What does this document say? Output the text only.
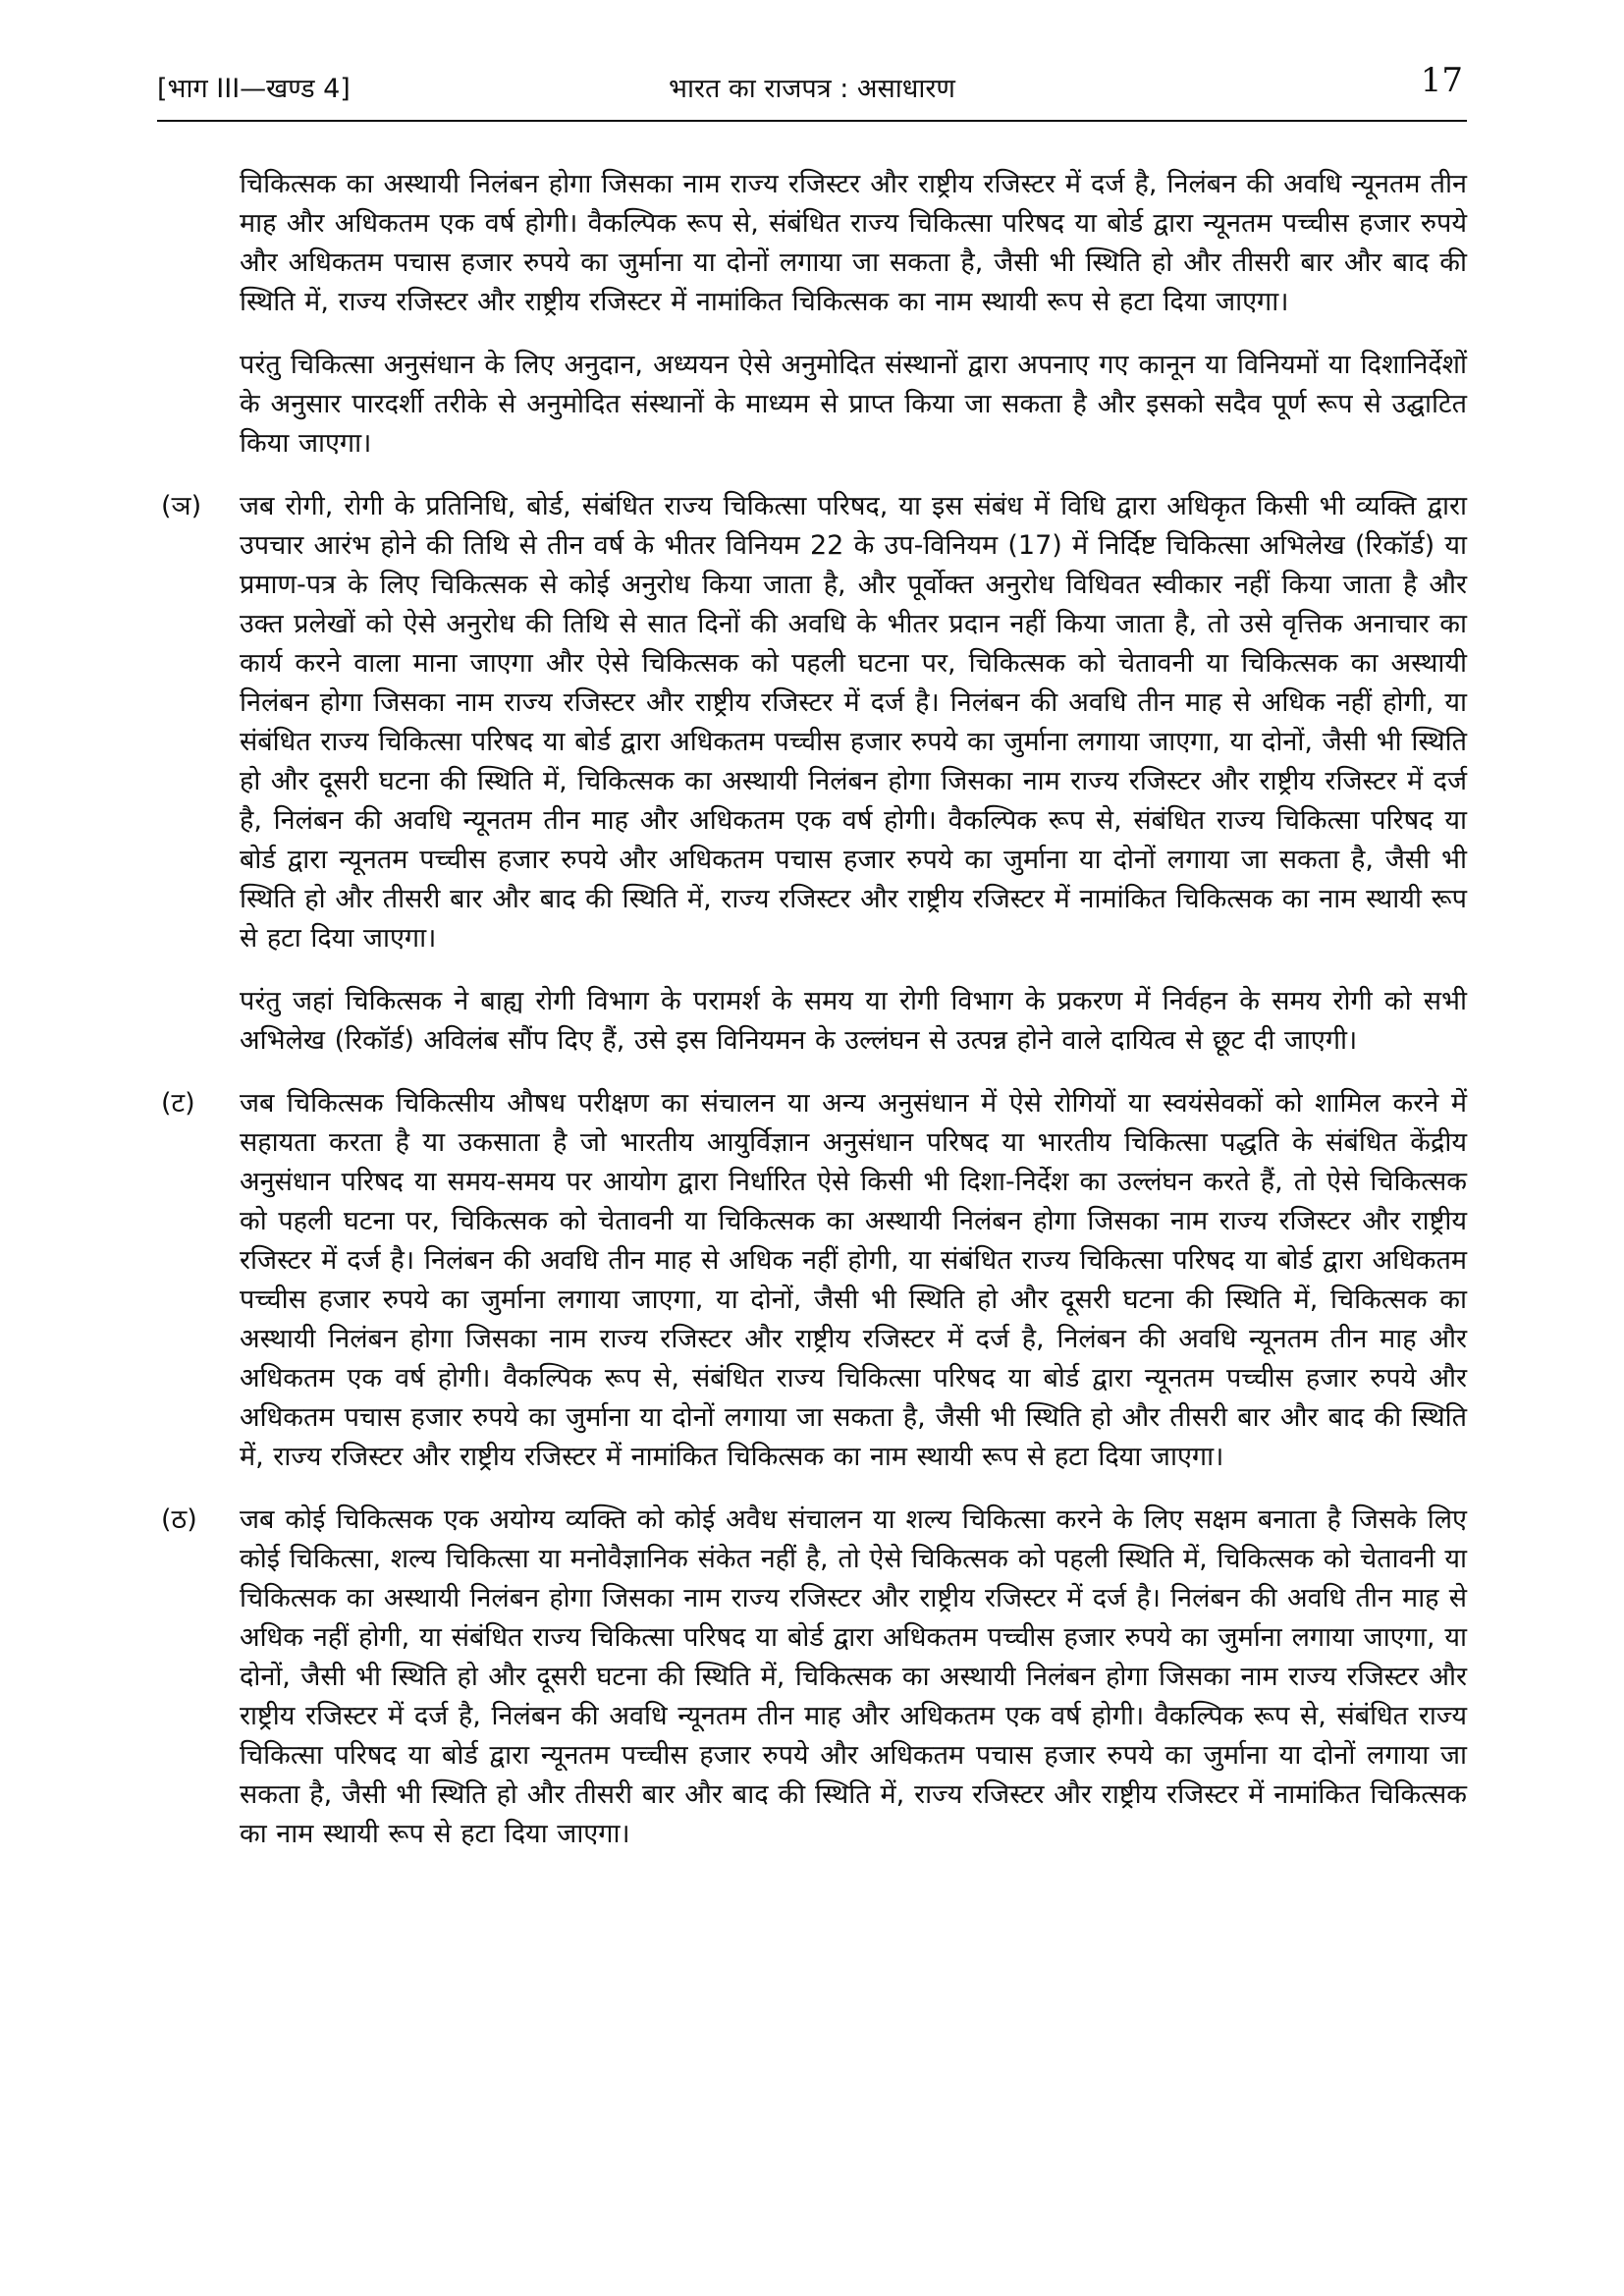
[भाग III—खण्ड 4]	भारत का राजपत्र : असाधारण	17

चिकित्सक का अस्थायी निलंबन होगा जिसका नाम राज्य रजिस्टर और राष्ट्रीय रजिस्टर में दर्ज है, निलंबन की अवधि न्यूनतम तीन माह और अधिकतम एक वर्ष होगी। वैकल्पिक रूप से, संबंधित राज्य चिकित्सा परिषद या बोर्ड द्वारा न्यूनतम पच्चीस हजार रुपये और अधिकतम पचास हजार रुपये का जुर्माना या दोनों लगाया जा सकता है, जैसी भी स्थिति हो और तीसरी बार और बाद की स्थिति में, राज्य रजिस्टर और राष्ट्रीय रजिस्टर में नामांकित चिकित्सक का नाम स्थायी रूप से हटा दिया जाएगा।

परंतु चिकित्सा अनुसंधान के लिए अनुदान, अध्ययन ऐसे अनुमोदित संस्थानों द्वारा अपनाए गए कानून या विनियमों या दिशानिर्देशों के अनुसार पारदर्शी तरीके से अनुमोदित संस्थानों के माध्यम से प्राप्त किया जा सकता है और इसको सदैव पूर्ण रूप से उद्घाटित किया जाएगा।

(ञ)	जब रोगी, रोगी के प्रतिनिधि, बोर्ड, संबंधित राज्य चिकित्सा परिषद, या इस संबंध में विधि द्वारा अधिकृत किसी भी व्यक्ति द्वारा उपचार आरंभ होने की तिथि से तीन वर्ष के भीतर विनियम 22 के उप-विनियम (17) में निर्दिष्ट चिकित्सा अभिलेख (रिकॉर्ड) या प्रमाण-पत्र के लिए चिकित्सक से कोई अनुरोध किया जाता है, और पूर्वोक्त अनुरोध विधिवत स्वीकार नहीं किया जाता है और उक्त प्रलेखों को ऐसे अनुरोध की तिथि से सात दिनों की अवधि के भीतर प्रदान नहीं किया जाता है, तो उसे वृत्तिक अनाचार का कार्य करने वाला माना जाएगा और ऐसे चिकित्सक को पहली घटना पर, चिकित्सक को चेतावनी या चिकित्सक का अस्थायी निलंबन होगा जिसका नाम राज्य रजिस्टर और राष्ट्रीय रजिस्टर में दर्ज है। निलंबन की अवधि तीन माह से अधिक नहीं होगी, या संबंधित राज्य चिकित्सा परिषद या बोर्ड द्वारा अधिकतम पच्चीस हजार रुपये का जुर्माना लगाया जाएगा, या दोनों, जैसी भी स्थिति हो और दूसरी घटना की स्थिति में, चिकित्सक का अस्थायी निलंबन होगा जिसका नाम राज्य रजिस्टर और राष्ट्रीय रजिस्टर में दर्ज है, निलंबन की अवधि न्यूनतम तीन माह और अधिकतम एक वर्ष होगी। वैकल्पिक रूप से, संबंधित राज्य चिकित्सा परिषद या बोर्ड द्वारा न्यूनतम पच्चीस हजार रुपये और अधिकतम पचास हजार रुपये का जुर्माना या दोनों लगाया जा सकता है, जैसी भी स्थिति हो और तीसरी बार और बाद की स्थिति में, राज्य रजिस्टर और राष्ट्रीय रजिस्टर में नामांकित चिकित्सक का नाम स्थायी रूप से हटा दिया जाएगा।

परंतु जहां चिकित्सक ने बाह्य रोगी विभाग के परामर्श के समय या रोगी विभाग के प्रकरण में निर्वहन के समय रोगी को सभी अभिलेख (रिकॉर्ड) अविलंब सौंप दिए हैं, उसे इस विनियमन के उल्लंघन से उत्पन्न होने वाले दायित्व से छूट दी जाएगी।

(ट)	जब चिकित्सक चिकित्सीय औषध परीक्षण का संचालन या अन्य अनुसंधान में ऐसे रोगियों या स्वयंसेवकों को शामिल करने में सहायता करता है या उकसाता है जो भारतीय आयुर्विज्ञान अनुसंधान परिषद या भारतीय चिकित्सा पद्धति के संबंधित केंद्रीय अनुसंधान परिषद या समय-समय पर आयोग द्वारा निर्धारित ऐसे किसी भी दिशा-निर्देश का उल्लंघन करते हैं, तो ऐसे चिकित्सक को पहली घटना पर, चिकित्सक को चेतावनी या चिकित्सक का अस्थायी निलंबन होगा जिसका नाम राज्य रजिस्टर और राष्ट्रीय रजिस्टर में दर्ज है। निलंबन की अवधि तीन माह से अधिक नहीं होगी, या संबंधित राज्य चिकित्सा परिषद या बोर्ड द्वारा अधिकतम पच्चीस हजार रुपये का जुर्माना लगाया जाएगा, या दोनों, जैसी भी स्थिति हो और दूसरी घटना की स्थिति में, चिकित्सक का अस्थायी निलंबन होगा जिसका नाम राज्य रजिस्टर और राष्ट्रीय रजिस्टर में दर्ज है, निलंबन की अवधि न्यूनतम तीन माह और अधिकतम एक वर्ष होगी। वैकल्पिक रूप से, संबंधित राज्य चिकित्सा परिषद या बोर्ड द्वारा न्यूनतम पच्चीस हजार रुपये और अधिकतम पचास हजार रुपये का जुर्माना या दोनों लगाया जा सकता है, जैसी भी स्थिति हो और तीसरी बार और बाद की स्थिति में, राज्य रजिस्टर और राष्ट्रीय रजिस्टर में नामांकित चिकित्सक का नाम स्थायी रूप से हटा दिया जाएगा।

(ठ)	जब कोई चिकित्सक एक अयोग्य व्यक्ति को कोई अवैध संचालन या शल्य चिकित्सा करने के लिए सक्षम बनाता है जिसके लिए कोई चिकित्सा, शल्य चिकित्सा या मनोवैज्ञानिक संकेत नहीं है, तो ऐसे चिकित्सक को पहली स्थिति में, चिकित्सक को चेतावनी या चिकित्सक का अस्थायी निलंबन होगा जिसका नाम राज्य रजिस्टर और राष्ट्रीय रजिस्टर में दर्ज है। निलंबन की अवधि तीन माह से अधिक नहीं होगी, या संबंधित राज्य चिकित्सा परिषद या बोर्ड द्वारा अधिकतम पच्चीस हजार रुपये का जुर्माना लगाया जाएगा, या दोनों, जैसी भी स्थिति हो और दूसरी घटना की स्थिति में, चिकित्सक का अस्थायी निलंबन होगा जिसका नाम राज्य रजिस्टर और राष्ट्रीय रजिस्टर में दर्ज है, निलंबन की अवधि न्यूनतम तीन माह और अधिकतम एक वर्ष होगी। वैकल्पिक रूप से, संबंधित राज्य चिकित्सा परिषद या बोर्ड द्वारा न्यूनतम पच्चीस हजार रुपये और अधिकतम पचास हजार रुपये का जुर्माना या दोनों लगाया जा सकता है, जैसी भी स्थिति हो और तीसरी बार और बाद की स्थिति में, राज्य रजिस्टर और राष्ट्रीय रजिस्टर में नामांकित चिकित्सक का नाम स्थायी रूप से हटा दिया जाएगा।
